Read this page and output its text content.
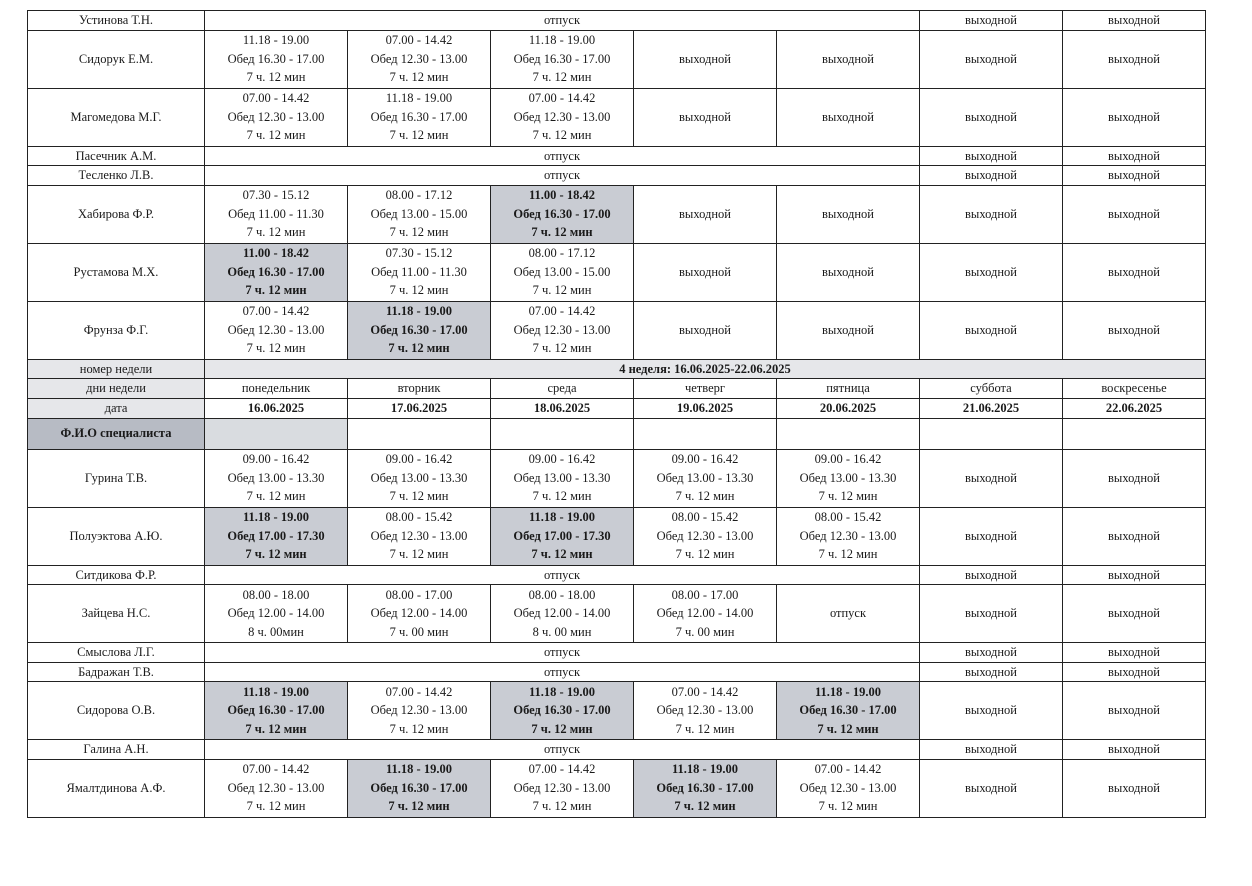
Устинова Т.Н.	отпуск					выходной	выходной
Сидорук Е.М.	11.18 - 19.00
Обед 16.30 - 17.00
7 ч. 12 мин	07.00 - 14.42
Обед 12.30 - 13.00
7 ч. 12 мин	11.18 - 19.00
Обед 16.30 - 17.00
7 ч. 12 мин	выходной	выходной	выходной	выходной
Магомедова М.Г.	07.00 - 14.42
Обед 12.30 - 13.00
7 ч. 12 мин	11.18 - 19.00
Обед 16.30 - 17.00
7 ч. 12 мин	07.00 - 14.42
Обед 12.30 - 13.00
7 ч. 12 мин	выходной	выходной	выходной	выходной
Пасечник А.М.	отпуск					выходной	выходной
Тесленко Л.В.	отпуск					выходной	выходной
Хабирова Ф.Р.	07.30 - 15.12
Обед 11.00 - 11.30
7 ч. 12 мин	08.00 - 17.12
Обед 13.00 - 15.00
7 ч. 12 мин	11.00 - 18.42
Обед 16.30 - 17.00
7 ч. 12 мин	выходной	выходной	выходной	выходной
Рустамова М.Х.	11.00 - 18.42
Обед 16.30 - 17.00
7 ч. 12 мин	07.30 - 15.12
Обед 11.00 - 11.30
7 ч. 12 мин	08.00 - 17.12
Обед 13.00 - 15.00
7 ч. 12 мин	выходной	выходной	выходной	выходной
Фрунза Ф.Г.	07.00 - 14.42
Обед 12.30 - 13.00
7 ч. 12 мин	11.18 - 19.00
Обед 16.30 - 17.00
7 ч. 12 мин	07.00 - 14.42
Обед 12.30 - 13.00
7 ч. 12 мин	выходной	выходной	выходной	выходной
номер недели	4 неделя: 16.06.2025-22.06.2025						
дни недели	понедельник	вторник	среда	четверг	пятница	суббота	воскресенье
дата	16.06.2025	17.06.2025	18.06.2025	19.06.2025	20.06.2025	21.06.2025	22.06.2025
Ф.И.О специалиста							
Гурина Т.В.	09.00 - 16.42
Обед 13.00 - 13.30
7 ч. 12 мин	09.00 - 16.42
Обед 13.00 - 13.30
7 ч. 12 мин	09.00 - 16.42
Обед 13.00 - 13.30
7 ч. 12 мин	09.00 - 16.42
Обед 13.00 - 13.30
7 ч. 12 мин	09.00 - 16.42
Обед 13.00 - 13.30
7 ч. 12 мин	выходной	выходной
Полуэктова А.Ю.	11.18 - 19.00
Обед 17.00 - 17.30
7 ч. 12 мин	08.00 - 15.42
Обед 12.30 - 13.00
7 ч. 12 мин	11.18 - 19.00
Обед 17.00 - 17.30
7 ч. 12 мин	08.00 - 15.42
Обед 12.30 - 13.00
7 ч. 12 мин	08.00 - 15.42
Обед 12.30 - 13.00
7 ч. 12 мин	выходной	выходной
Ситдикова Ф.Р.	отпуск					выходной	выходной
Зайцева Н.С.	08.00 - 18.00
Обед 12.00 - 14.00
8 ч. 00мин	08.00 - 17.00
Обед 12.00 - 14.00
7 ч. 00 мин	08.00 - 18.00
Обед 12.00 - 14.00
8 ч. 00 мин	08.00 - 17.00
Обед 12.00 - 14.00
7 ч. 00 мин	отпуск	выходной	выходной
Смыслова Л.Г.	отпуск					выходной	выходной
Бадражан Т.В.	отпуск					выходной	выходной
Сидорова О.В.	11.18 - 19.00
Обед 16.30 - 17.00
7 ч. 12 мин	07.00 - 14.42
Обед 12.30 - 13.00
7 ч. 12 мин	11.18 - 19.00
Обед 16.30 - 17.00
7 ч. 12 мин	07.00 - 14.42
Обед 12.30 - 13.00
7 ч. 12 мин	11.18 - 19.00
Обед 16.30 - 17.00
7 ч. 12 мин	выходной	выходной
Галина А.Н.	отпуск					выходной	выходной
Ямалтдинова А.Ф.	07.00 - 14.42
Обед 12.30 - 13.00
7 ч. 12 мин	11.18 - 19.00
Обед 16.30 - 17.00
7 ч. 12 мин	07.00 - 14.42
Обед 12.30 - 13.00
7 ч. 12 мин	11.18 - 19.00
Обед 16.30 - 17.00
7 ч. 12 мин	07.00 - 14.42
Обед 12.30 - 13.00
7 ч. 12 мин	выходной	выходной
